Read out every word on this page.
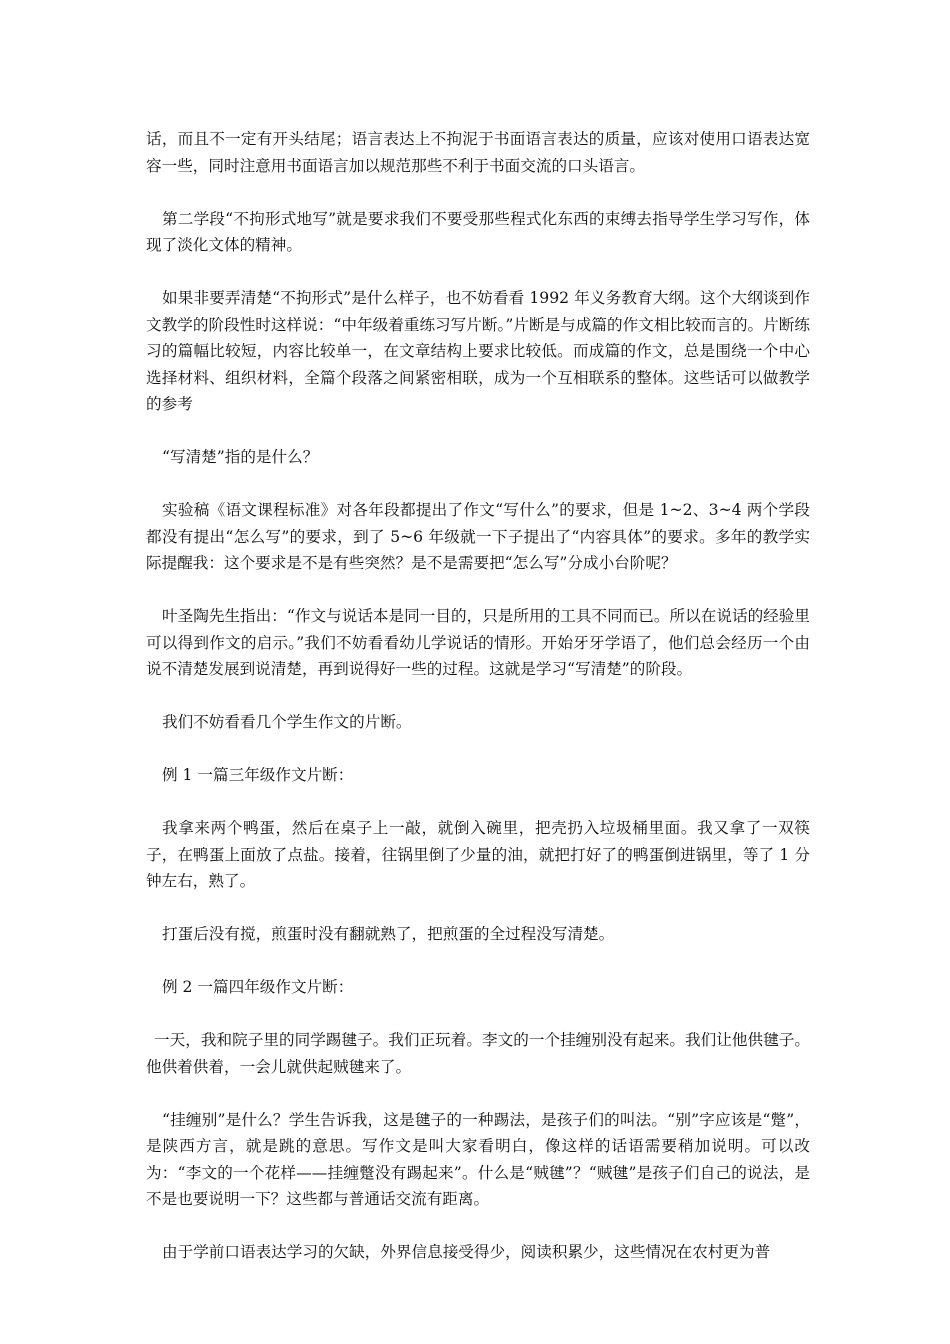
话，而且不一定有开头结尾；语言表达上不拘泥于书面语言表达的质量，应该对使用口语表达宽容一些，同时注意用书面语言加以规范那些不利于书面交流的口头语言。

第二学段“不拘形式地写”就是要求我们不要受那些程式化东西的束缚去指导学生学习写作，体现了淡化文体的精神。

如果非要弄清楚“不拘形式”是什么样子，也不妨看看 1992 年义务教育大纲。这个大纲谈到作文教学的阶段性时这样说：“中年级着重练习写片断。”片断是与成篇的作文相比较而言的。片断练习的篇幅比较短，内容比较单一，在文章结构上要求比较低。而成篇的作文，总是围绕一个中心选择材料、组织材料，全篇个段落之间紧密相联，成为一个互相联系的整体。这些话可以做教学的参考

“写清楚”指的是什么？

实验稿《语文课程标准》对各年段都提出了作文“写什么”的要求，但是 1~2、3~4 两个学段都没有提出“怎么写”的要求，到了 5~6 年级就一下子提出了“内容具体”的要求。多年的教学实际提醒我：这个要求是不是有些突然？是不是需要把“怎么写”分成小台阶呢？

叶圣陶先生指出：“作文与说话本是同一目的，只是所用的工具不同而已。所以在说话的经验里可以得到作文的启示。”我们不妨看看幼儿学说话的情形。开始牙牙学语了，他们总会经历一个由说不清楚发展到说清楚，再到说得好一些的过程。这就是学习“写清楚”的阶段。

我们不妨看看几个学生作文的片断。

例 1 一篇三年级作文片断：

我拿来两个鸭蛋，然后在桌子上一敲，就倒入碗里，把壳扔入垃圾桶里面。我又拿了一双筷子，在鸭蛋上面放了点盐。接着，往锅里倒了少量的油，就把打好了的鸭蛋倒进锅里，等了 1 分钟左右，熟了。

打蛋后没有搅，煎蛋时没有翻就熟了，把煎蛋的全过程没写清楚。

例 2 一篇四年级作文片断：

一天，我和院子里的同学踢毽子。我们正玩着。李文的一个挂缠别没有起来。我们让他供毽子。他供着供着，一会儿就供起贼毽来了。

“挂缠别”是什么？学生告诉我，这是毽子的一种踢法，是孩子们的叫法。“别”字应该是“蹩”，是陕西方言，就是跳的意思。写作文是叫大家看明白，像这样的话语需要稍加说明。可以改为：“李文的一个花样——挂缠蹩没有踢起来”。什么是“贼毽”？“贼毽”是孩子们自己的说法，是不是也要说明一下？这些都与普通话交流有距离。

由于学前口语表达学习的欠缺，外界信息接受得少，阅读积累少，这些情况在农村更为普
